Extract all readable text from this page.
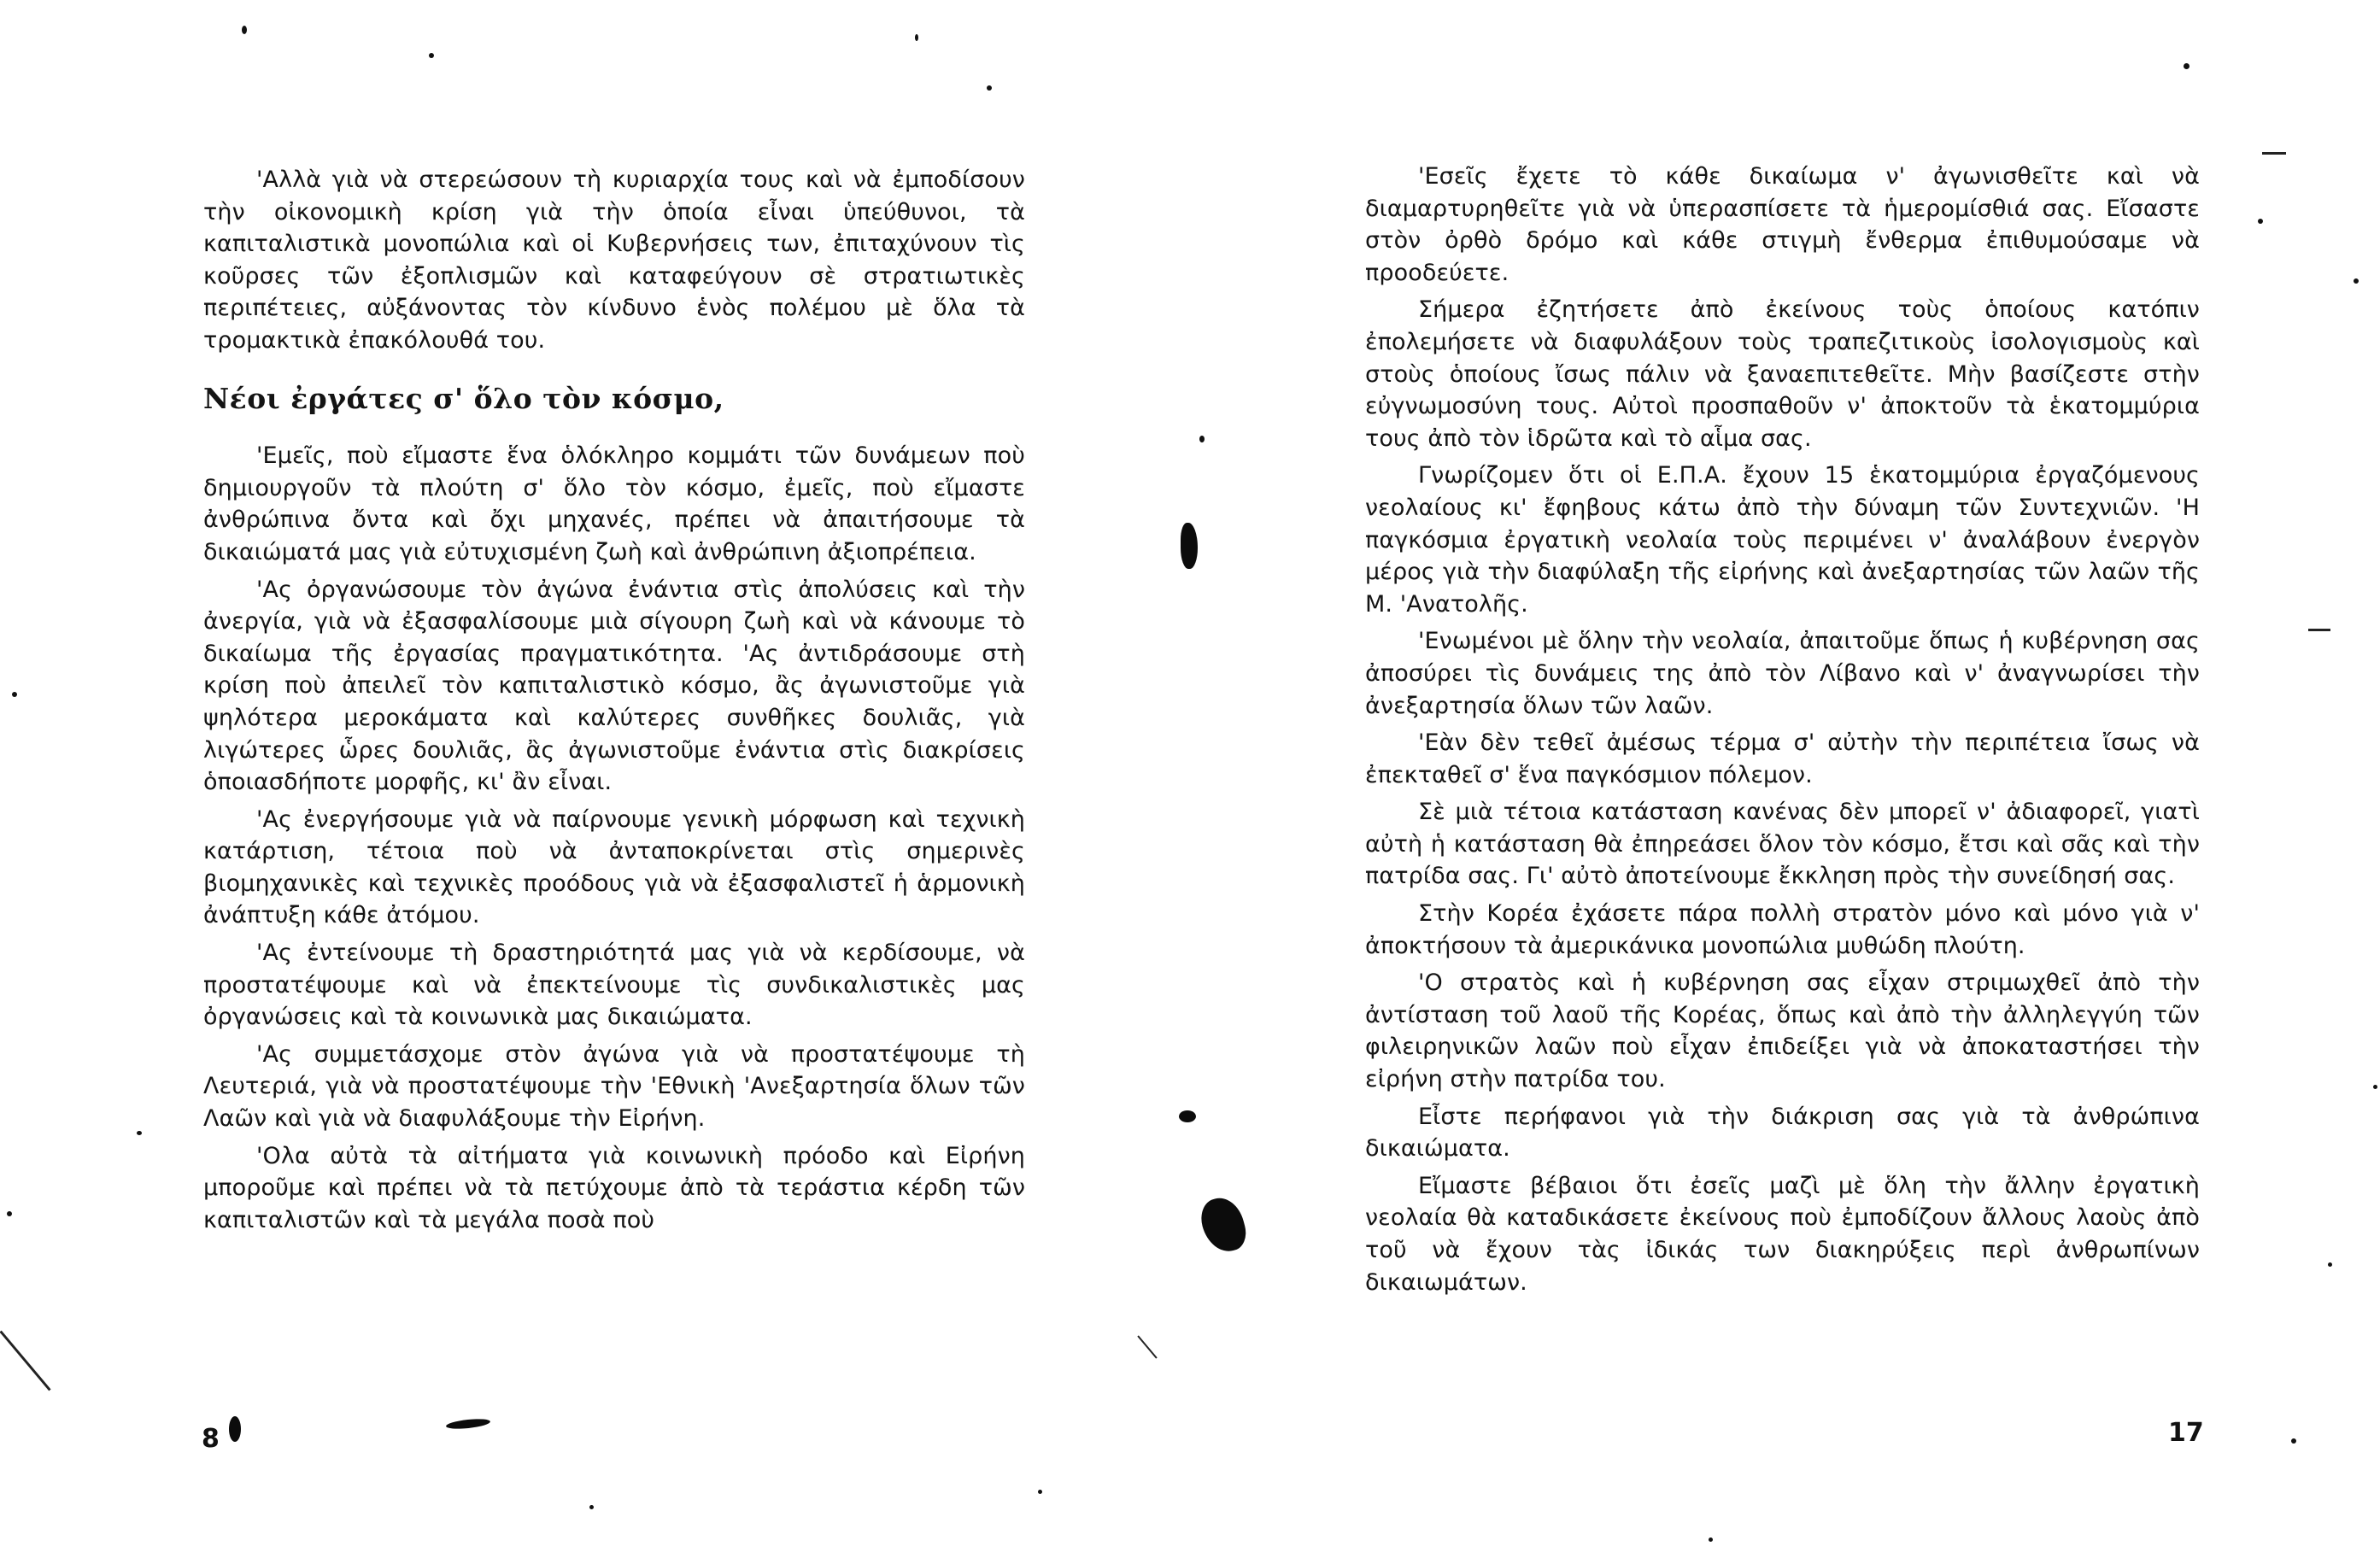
'Αλλὰ γιὰ νὰ στερεώσουν τὴ κυριαρχία τους καὶ νὰ ἐμποδίσουν τὴν οἰκονομικὴ κρίση γιὰ τὴν ὁποία εἶναι ὑπεύθυνοι, τὰ καπιταλιστικὰ μονοπώλια καὶ οἱ Κυβερνήσεις των, ἐπιταχύνουν τὶς κοῦρσες τῶν ἐξοπλισμῶν καὶ καταφεύγουν σὲ στρατιωτικὲς περιπέτειες, αὐξάνοντας τὸν κίνδυνο ἑνὸς πολέμου μὲ ὅλα τὰ τρομακτικὰ ἐπακόλουθά του.

Νέοι ἐργάτες σ' ὅλο τὸν κόσμο,

'Εμεῖς, ποὺ εἴμαστε ἕνα ὁλόκληρο κομμάτι τῶν δυνάμεων ποὺ δημιουργοῦν τὰ πλούτη σ' ὅλο τὸν κόσμο, ἐμεῖς, ποὺ εἴμαστε ἀνθρώπινα ὄντα καὶ ὄχι μηχανές, πρέπει νὰ ἀπαιτήσουμε τὰ δικαιώματά μας γιὰ εὐτυχισμένη ζωὴ καὶ ἀνθρώπινη ἀξιοπρέπεια.

'Ας ὀργανώσουμε τὸν ἀγώνα ἐνάντια στὶς ἀπολύσεις καὶ τὴν ἀνεργία, γιὰ νὰ ἐξασφαλίσουμε μιὰ σίγουρη ζωὴ καὶ νὰ κάνουμε τὸ δικαίωμα τῆς ἐργασίας πραγματικότητα. 'Ας ἀντιδράσουμε στὴ κρίση ποὺ ἀπειλεῖ τὸν καπιταλιστικὸ κόσμο, ἂς ἀγωνιστοῦμε γιὰ ψηλότερα μεροκάματα καὶ καλύτερες συνθῆκες δουλιᾶς, γιὰ λιγώτερες ὧρες δουλιᾶς, ἂς ἀγωνιστοῦμε ἐνάντια στὶς διακρίσεις ὁποιασδήποτε μορφῆς, κι' ἂν εἶναι.

'Ας ἐνεργήσουμε γιὰ νὰ παίρνουμε γενικὴ μόρφωση καὶ τεχνικὴ κατάρτιση, τέτοια ποὺ νὰ ἀνταποκρίνεται στὶς σημερινὲς βιομηχανικὲς καὶ τεχνικὲς προόδους γιὰ νὰ ἐξασφαλιστεῖ ἡ ἁρμονικὴ ἀνάπτυξη κάθε ἀτόμου.

'Ας ἐντείνουμε τὴ δραστηριότητά μας γιὰ νὰ κερδίσουμε, νὰ προστατέψουμε καὶ νὰ ἐπεκτείνουμε τὶς συνδικαλιστικὲς μας ὀργανώσεις καὶ τὰ κοινωνικὰ μας δικαιώματα.

'Ας συμμετάσχομε στὸν ἀγώνα γιὰ νὰ προστατέψουμε τὴ Λευτεριά, γιὰ νὰ προστατέψουμε τὴν 'Εθνικὴ 'Ανεξαρτησία ὅλων τῶν Λαῶν καὶ γιὰ νὰ διαφυλάξουμε τὴν Εἰρήνη.

'Ολα αὐτὰ τὰ αἰτήματα γιὰ κοινωνικὴ πρόοδο καὶ Εἰρήνη μποροῦμε καὶ πρέπει νὰ τὰ πετύχουμε ἀπὸ τὰ τεράστια κέρδη τῶν καπιταλιστῶν καὶ τὰ μεγάλα ποσὰ ποὺ

8

'Εσεῖς ἔχετε τὸ κάθε δικαίωμα ν' ἀγωνισθεῖτε καὶ νὰ διαμαρτυρηθεῖτε γιὰ νὰ ὑπερασπίσετε τὰ ἡμερομίσθιά σας. Εἴσαστε στὸν ὀρθὸ δρόμο καὶ κάθε στιγμὴ ἔνθερμα ἐπιθυμούσαμε νὰ προοδεύετε.

Σήμερα ἐζητήσετε ἀπὸ ἐκείνους τοὺς ὁποίους κατόπιν ἐπολεμήσετε νὰ διαφυλάξουν τοὺς τραπεζιτικοὺς ἰσολογισμοὺς καὶ στοὺς ὁποίους ἴσως πάλιν νὰ ξαναεπιτεθεῖτε. Μὴν βασίζεστε στὴν εὐγνωμοσύνη τους. Αὐτοὶ προσπαθοῦν ν' ἀποκτοῦν τὰ ἑκατομμύρια τους ἀπὸ τὸν ἱδρῶτα καὶ τὸ αἷμα σας.

Γνωρίζομεν ὅτι οἱ Ε.Π.Α. ἔχουν 15 ἑκατομμύρια ἐργαζόμενους νεολαίους κι' ἔφηβους κάτω ἀπὸ τὴν δύναμη τῶν Συντεχνιῶν. 'Η παγκόσμια ἐργατικὴ νεολαία τοὺς περιμένει ν' ἀναλάβουν ἐνεργὸν μέρος γιὰ τὴν διαφύλαξη τῆς εἰρήνης καὶ ἀνεξαρτησίας τῶν λαῶν τῆς Μ. 'Ανατολῆς.

'Ενωμένοι μὲ ὅλην τὴν νεολαία, ἀπαιτοῦμε ὅπως ἡ κυβέρνηση σας ἀποσύρει τὶς δυνάμεις της ἀπὸ τὸν Λίβανο καὶ ν' ἀναγνωρίσει τὴν ἀνεξαρτησία ὅλων τῶν λαῶν.

'Εὰν δὲν τεθεῖ ἀμέσως τέρμα σ' αὐτὴν τὴν περιπέτεια ἴσως νὰ ἐπεκταθεῖ σ' ἕνα παγκόσμιον πόλεμον.

Σὲ μιὰ τέτοια κατάσταση κανένας δὲν μπορεῖ ν' ἀδιαφορεῖ, γιατὶ αὐτὴ ἡ κατάσταση θὰ ἐπηρεάσει ὅλον τὸν κόσμο, ἔτσι καὶ σᾶς καὶ τὴν πατρίδα σας. Γι' αὐτὸ ἀποτείνουμε ἔκκληση πρὸς τὴν συνείδησή σας.

Στὴν Κορέα ἐχάσετε πάρα πολλὴ στρατὸν μόνο καὶ μόνο γιὰ ν' ἀποκτήσουν τὰ ἀμερικάνικα μονοπώλια μυθώδη πλούτη.

'Ο στρατὸς καὶ ἡ κυβέρνηση σας εἶχαν στριμωχθεῖ ἀπὸ τὴν ἀντίσταση τοῦ λαοῦ τῆς Κορέας, ὅπως καὶ ἀπὸ τὴν ἀλληλεγγύη τῶν φιλειρηνικῶν λαῶν ποὺ εἶχαν ἐπιδείξει γιὰ νὰ ἀποκαταστήσει τὴν εἰρήνη στὴν πατρίδα του.

Εἶστε περήφανοι γιὰ τὴν διάκριση σας γιὰ τὰ ἀνθρώπινα δικαιώματα.

Εἴμαστε βέβαιοι ὅτι ἐσεῖς μαζὶ μὲ ὅλη τὴν ἄλλην ἐργατικὴ νεολαία θὰ καταδικάσετε ἐκείνους ποὺ ἐμποδίζουν ἄλλους λαοὺς ἀπὸ τοῦ νὰ ἔχουν τὰς ἰδικάς των διακηρύξεις περὶ ἀνθρωπίνων δικαιωμάτων.

17
